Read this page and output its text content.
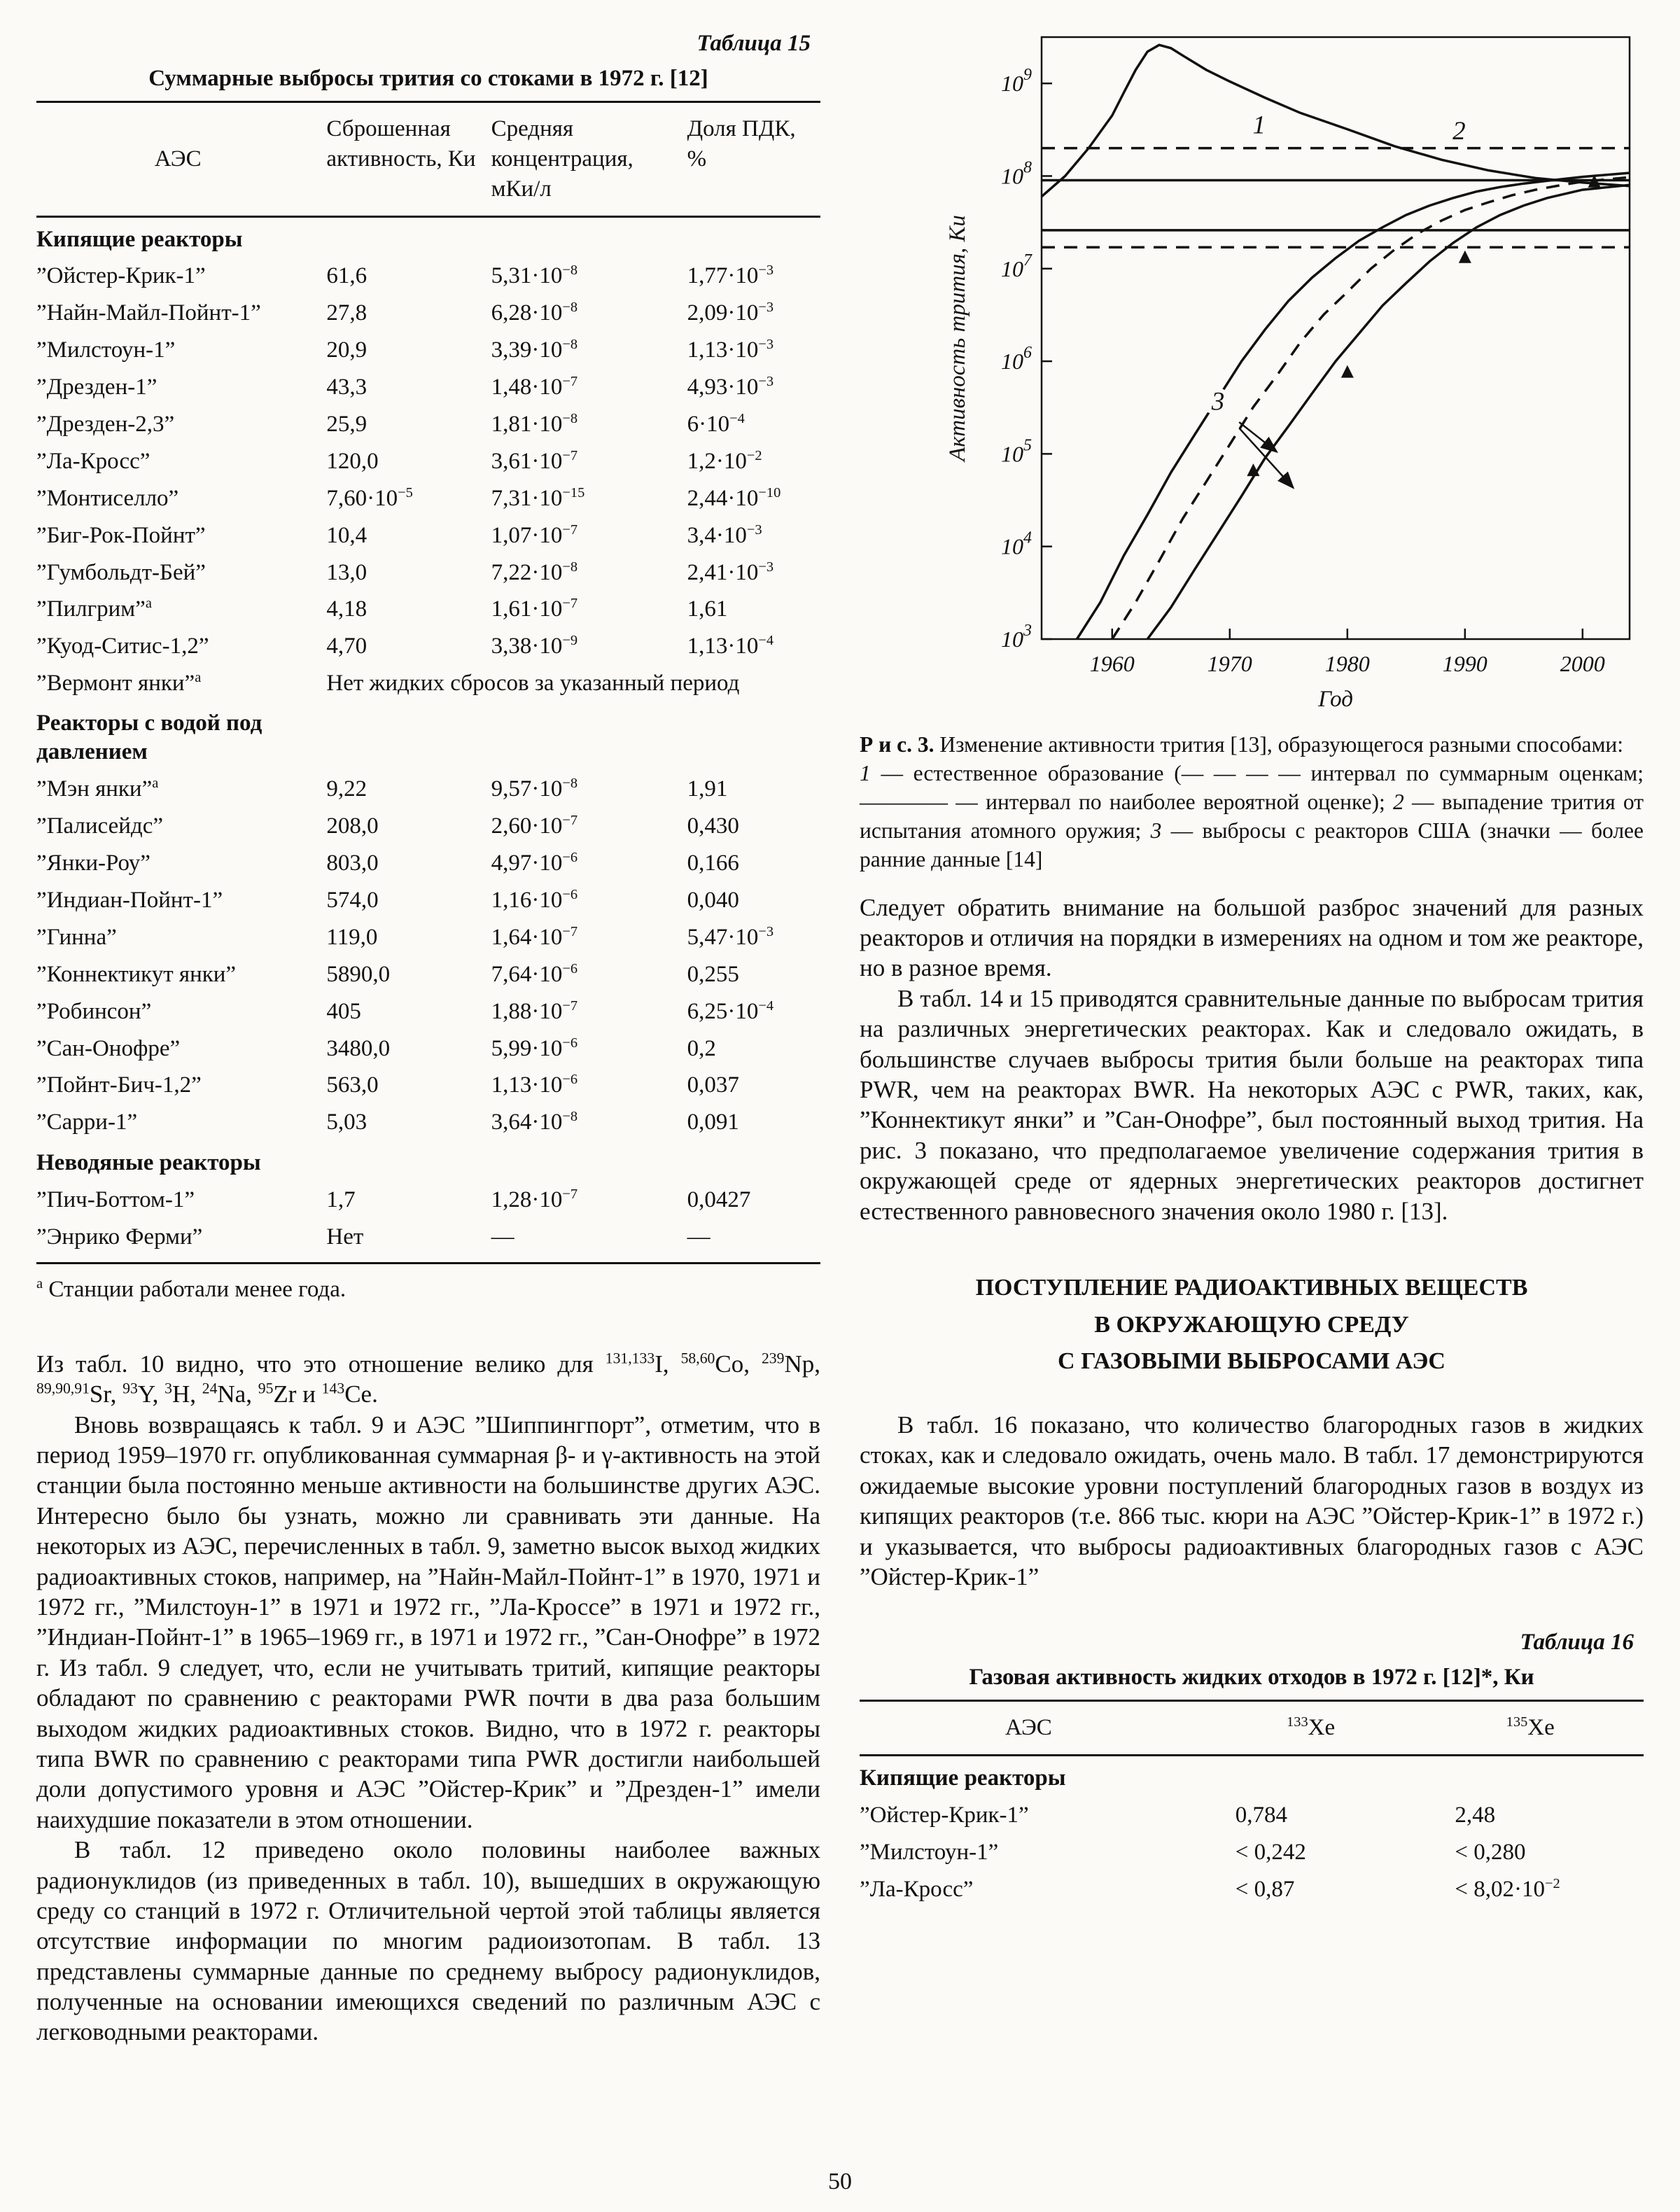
Таблица 15
Суммарные выбросы трития со стоками в 1972 г. [12]
АЭС	Сброшенная активность, Ки	Средняя концентрация, мКи/л	Доля ПДК, %
Кипящие реакторы			
”Ойстер-Крик-1”	61,6	$5,31\cdot 10^{-8}$	$1,77\cdot 10^{-3}$
”Найн-Майл-Пойнт-1”	27,8	$6,28\cdot 10^{-8}$	$2,09\cdot 10^{-3}$
”Милстоун-1”	20,9	$3,39\cdot 10^{-8}$	$1,13\cdot 10^{-3}$
”Дрезден-1”	43,3	$1,48\cdot 10^{-7}$	$4,93\cdot 10^{-3}$
”Дрезден-2,3”	25,9	$1,81\cdot 10^{-8}$	$6\cdot 10^{-4}$
”Ла-Кросс”	120,0	$3,61\cdot 10^{-7}$	$1,2\cdot 10^{-2}$
”Монтиселло”	$7,60\cdot 10^{-5}$	$7,31\cdot 10^{-15}$	$2,44\cdot 10^{-10}$
”Биг-Рок-Пойнт”	10,4	$1,07\cdot 10^{-7}$	$3,4\cdot 10^{-3}$
”Гумбольдт-Бей”	13,0	$7,22\cdot 10^{-8}$	$2,41\cdot 10^{-3}$
”Пилгрим”$^а$	4,18	$1,61\cdot 10^{-7}$	1,61
”Куод-Ситис-1,2”	4,70	$3,38\cdot 10^{-9}$	$1,13\cdot 10^{-4}$
”Вермонт янки”$^а$	Нет жидких сбросов за указанный период		
Реакторы с водой под давлением			
”Мэн янки”$^а$	9,22	$9,57\cdot 10^{-8}$	1,91
”Палисейдс”	208,0	$2,60\cdot 10^{-7}$	0,430
”Янки-Роу”	803,0	$4,97\cdot 10^{-6}$	0,166
”Индиан-Пойнт-1”	574,0	$1,16\cdot 10^{-6}$	0,040
”Гинна”	119,0	$1,64\cdot 10^{-7}$	$5,47\cdot 10^{-3}$
”Коннектикут янки”	5890,0	$7,64\cdot 10^{-6}$	0,255
”Робинсон”	405	$1,88\cdot 10^{-7}$	$6,25\cdot 10^{-4}$
”Сан-Онофре”	3480,0	$5,99\cdot 10^{-6}$	0,2
”Пойнт-Бич-1,2”	563,0	$1,13\cdot 10^{-6}$	0,037
”Сарри-1”	5,03	$3,64\cdot 10^{-8}$	0,091
Неводяные реакторы			
”Пич-Боттом-1”	1,7	$1,28\cdot 10^{-7}$	0,0427
”Энрико Ферми”	Нет	—	—
$^а$ Станции работали менее года.

Из табл. 10 видно, что это отношение велико для $^{131,133}$I, $^{58,60}$Co, $^{239}$Np, $^{89,90,91}$Sr, $^{93}$Y, $^3$H, $^{24}$Na, $^{95}$Zr и $^{143}$Ce.

Вновь возвращаясь к табл. 9 и АЭС ”Шиппингпорт”, отметим, что в период 1959–1970 гг. опубликованная суммарная β- и γ-активность на этой станции была постоянно меньше активности на большинстве других АЭС. Интересно было бы узнать, можно ли сравнивать эти данные. На некоторых из АЭС, перечисленных в табл. 9, заметно высок выход жидких радиоактивных стоков, например, на ”Найн-Майл-Пойнт-1” в 1970, 1971 и 1972 гг., ”Милстоун-1” в 1971 и 1972 гг., ”Ла-Кроссе” в 1971 и 1972 гг., ”Индиан-Пойнт-1” в 1965–1969 гг., в 1971 и 1972 гг., ”Сан-Онофре” в 1972 г. Из табл. 9 следует, что, если не учитывать тритий, кипящие реакторы обладают по сравнению с реакторами PWR почти в два раза большим выходом жидких радиоактивных стоков. Видно, что в 1972 г. реакторы типа BWR по сравнению с реакторами типа PWR достигли наибольшей доли допустимого уровня и АЭС ”Ойстер-Крик” и ”Дрезден-1” имели наихудшие показатели в этом отношении.

В табл. 12 приведено около половины наиболее важных радионуклидов (из приведенных в табл. 10), вышедших в окружающую среду со станций в 1972 г. Отличительной чертой этой таблицы является отсутствие информации по многим радиоизотопам. В табл. 13 представлены суммарные данные по среднему выбросу радионуклидов, полученные на основании имеющихся сведений по различным АЭС с легководными реакторами.

$10^3$
$10^4$
$10^5$
$10^6$
$10^7$
$10^8$
$10^9$
1960	1970	1980	1990	2000
1	2
3
Год
Активность трития, Ки

Р и с. 3. Изменение активности трития [13], образующегося разными способами:

1 — естественное образование (— — — — интервал по суммарным оценкам; ———— — интервал по наиболее вероятной оценке); 2 — выпадение трития от испытания атомного оружия; 3 — выбросы с реакторов США (значки — более ранние данные [14]

Следует обратить внимание на большой разброс значений для разных реакторов и отличия на порядки в измерениях на одном и том же реакторе, но в разное время.

В табл. 14 и 15 приводятся сравнительные данные по выбросам трития на различных энергетических реакторах. Как и следовало ожидать, в большинстве случаев выбросы трития были больше на реакторах типа PWR, чем на реакторах BWR. На некоторых АЭС с PWR, таких, как, ”Коннектикут янки” и ”Сан-Онофре”, был постоянный выход трития. На рис. 3 показано, что предполагаемое увеличение содержания трития в окружающей среде от ядерных энергетических реакторов достигнет естественного равновесного значения около 1980 г. [13].

ПОСТУПЛЕНИЕ РАДИОАКТИВНЫХ ВЕЩЕСТВ
В ОКРУЖАЮЩУЮ СРЕДУ
С ГАЗОВЫМИ ВЫБРОСАМИ АЭС

В табл. 16 показано, что количество благородных газов в жидких стоках, как и следовало ожидать, очень мало. В табл. 17 демонстрируются ожидаемые высокие уровни поступлений благородных газов в воздух из кипящих реакторов (т.е. 866 тыс. кюри на АЭС ”Ойстер-Крик-1” в 1972 г.) и указывается, что выбросы радиоактивных благородных газов с АЭС ”Ойстер-Крик-1”

Таблица 16
Газовая активность жидких отходов в 1972 г. [12]*, Ки
АЭС	$^{133}$Xe	$^{135}$Xe
Кипящие реакторы		
”Ойстер-Крик-1”	0,784	2,48
”Милстоун-1”	< 0,242	< 0,280
”Ла-Кросс”	< 0,87	< $8,02\cdot 10^{-2}$
50
